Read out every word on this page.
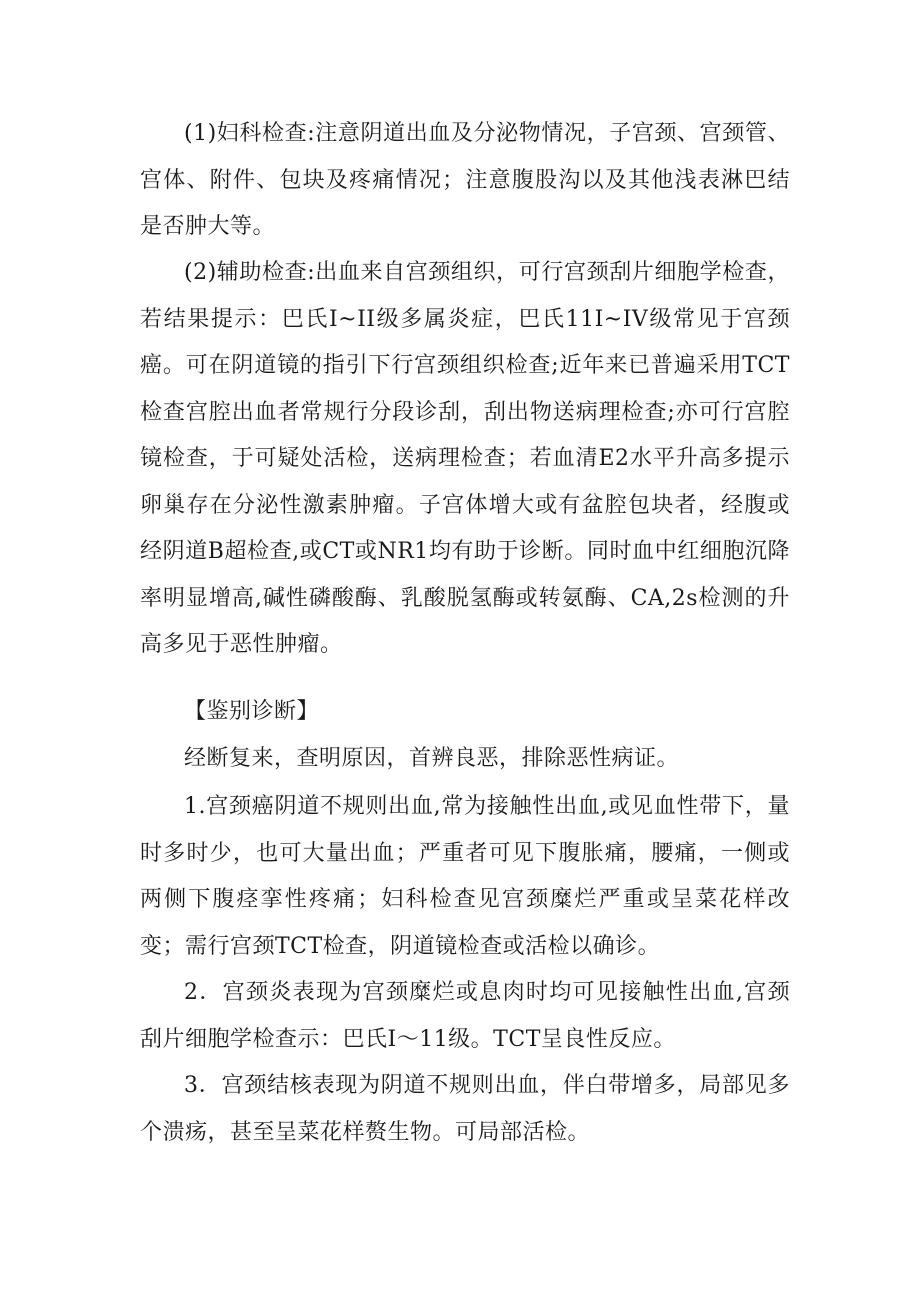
(1)妇科检查:注意阴道出血及分泌物情况，子宫颈、宫颈管、宫体、附件、包块及疼痛情况；注意腹股沟以及其他浅表淋巴结是否肿大等。

(2)辅助检查:出血来自宫颈组织，可行宫颈刮片细胞学检查，若结果提示：巴氏I~II级多属炎症，巴氏11I~IV级常见于宫颈癌。可在阴道镜的指引下行宫颈组织检查;近年来已普遍采用TCT检查宫腔出血者常规行分段诊刮，刮出物送病理检查;亦可行宫腔镜检查，于可疑处活检，送病理检查；若血清E2水平升高多提示卵巢存在分泌性激素肿瘤。子宫体增大或有盆腔包块者，经腹或经阴道B超检查,或CT或NR1均有助于诊断。同时血中红细胞沉降率明显增高,碱性磷酸酶、乳酸脱氢酶或转氨酶、CA,2s检测的升高多见于恶性肿瘤。

【鉴别诊断】

经断复来，查明原因，首辨良恶，排除恶性病证。

1.宫颈癌阴道不规则出血,常为接触性出血,或见血性带下，量时多时少，也可大量出血；严重者可见下腹胀痛，腰痛，一侧或两侧下腹痉挛性疼痛；妇科检查见宫颈糜烂严重或呈菜花样改变；需行宫颈TCT检查，阴道镜检查或活检以确诊。

2．宫颈炎表现为宫颈糜烂或息肉时均可见接触性出血,宫颈刮片细胞学检查示：巴氏I～11级。TCT呈良性反应。

3．宫颈结核表现为阴道不规则出血，伴白带增多，局部见多个溃疡，甚至呈菜花样赘生物。可局部活检。
